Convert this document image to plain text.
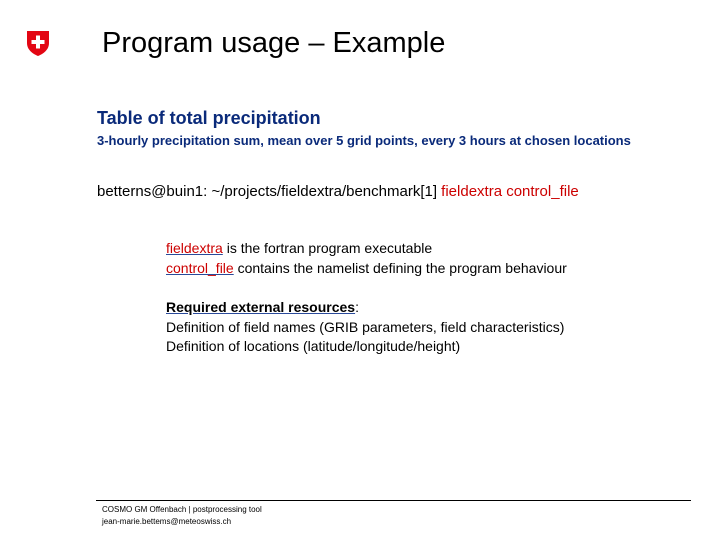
Program usage – Example
Table of total precipitation
3-hourly precipitation sum, mean over 5 grid points, every 3 hours at chosen locations
betterns@buin1: ~/projects/fieldextra/benchmark[1] fieldextra control_file
fieldextra is the fortran program executable
control_file contains the namelist defining the program behaviour
Required external resources:
Definition of field names (GRIB parameters, field characteristics)
Definition of locations (latitude/longitude/height)
COSMO GM Offenbach | postprocessing tool
jean-marie.bettems@meteoswiss.ch
